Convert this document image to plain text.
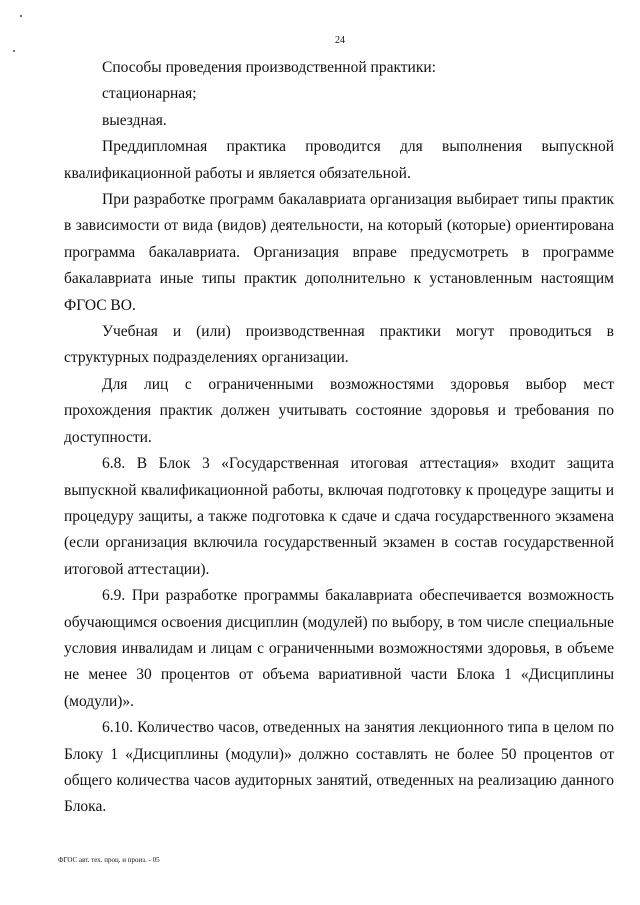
24

Способы проведения производственной практики:

стационарная;

выездная.

Преддипломная практика проводится для выполнения выпускной квалификационной работы и является обязательной.

При разработке программ бакалавриата организация выбирает типы практик в зависимости от вида (видов) деятельности, на который (которые) ориентирована программа бакалавриата. Организация вправе предусмотреть в программе бакалавриата иные типы практик дополнительно к установленным настоящим ФГОС ВО.

Учебная и (или) производственная практики могут проводиться в структурных подразделениях организации.

Для лиц с ограниченными возможностями здоровья выбор мест прохождения практик должен учитывать состояние здоровья и требования по доступности.

6.8. В Блок 3 «Государственная итоговая аттестация» входит защита выпускной квалификационной работы, включая подготовку к процедуре защиты и процедуру защиты, а также подготовка к сдаче и сдача государственного экзамена (если организация включила государственный экзамен в состав государственной итоговой аттестации).

6.9. При разработке программы бакалавриата обеспечивается возможность обучающимся освоения дисциплин (модулей) по выбору, в том числе специальные условия инвалидам и лицам с ограниченными возможностями здоровья, в объеме не менее 30 процентов от объема вариативной части Блока 1 «Дисциплины (модули)».

6.10. Количество часов, отведенных на занятия лекционного типа в целом по Блоку 1 «Дисциплины (модули)» должно составлять не более 50 процентов от общего количества часов аудиторных занятий, отведенных на реализацию данного Блока.

ФГОС авт. тех. проц. и произ. - 05
